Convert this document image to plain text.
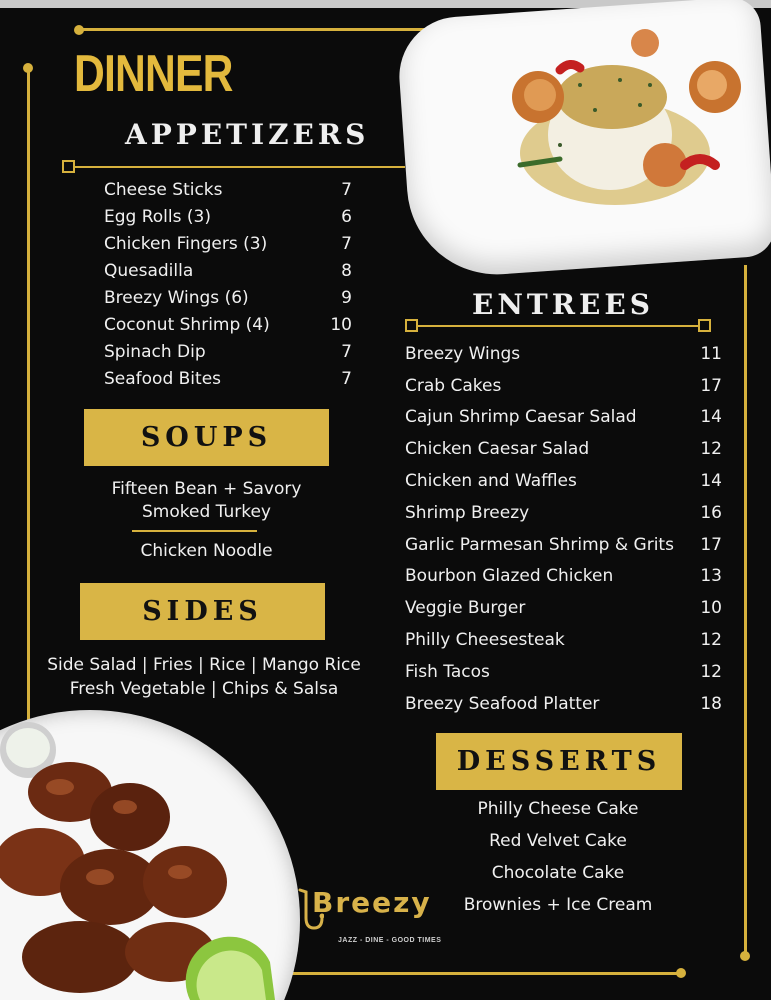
DINNER
APPETIZERS
Cheese Sticks	7
Egg Rolls (3)	6
Chicken Fingers (3)	7
Quesadilla	8
Breezy Wings (6)	9
Coconut Shrimp (4)	10
Spinach Dip	7
Seafood Bites	7
SOUPS
Fifteen Bean + Savory
Smoked Turkey
Chicken Noodle
SIDES
Side Salad | Fries | Rice | Mango Rice
Fresh Vegetable | Chips & Salsa
ENTREES
Breezy Wings	11
Crab Cakes	17
Cajun Shrimp Caesar Salad	14
Chicken Caesar Salad	12
Chicken and Waffles	14
Shrimp Breezy	16
Garlic Parmesan Shrimp & Grits 17
Bourbon Glazed Chicken	13
Veggie Burger	10
Philly Cheesesteak	12
Fish Tacos	12
Breezy Seafood Platter	18
DESSERTS
Philly Cheese Cake
Red Velvet Cake
Chocolate Cake
Brownies + Ice Cream
Breezy
JAZZ - DINE - GOOD TIMES
